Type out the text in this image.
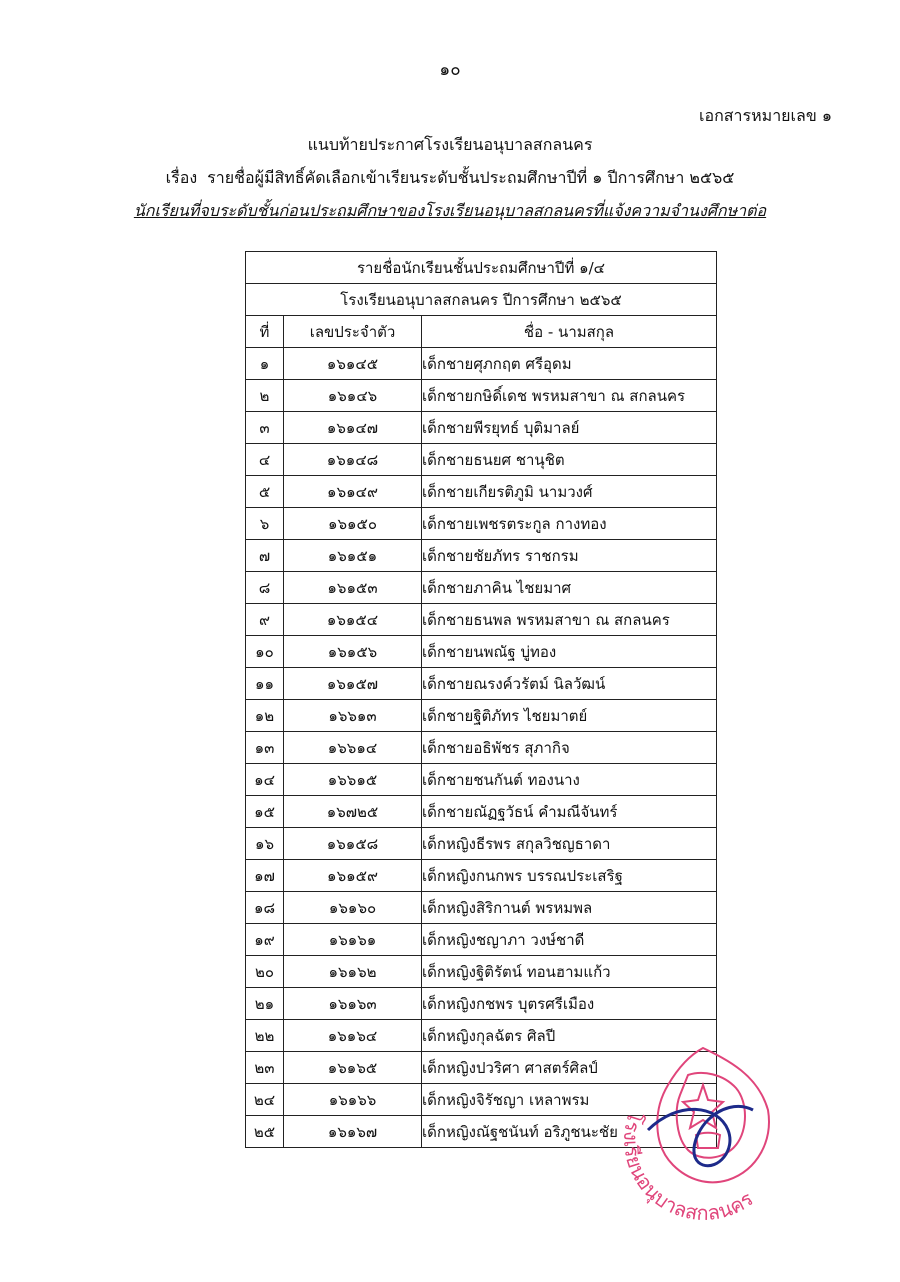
๑๐
เอกสารหมายเลข ๑
แนบท้ายประกาศโรงเรียนอนุบาลสกลนคร
เรื่อง รายชื่อผู้มีสิทธิ์คัดเลือกเข้าเรียนระดับชั้นประถมศึกษาปีที่ ๑ ปีการศึกษา ๒๕๖๕
นักเรียนที่จบระดับชั้นก่อนประถมศึกษาของโรงเรียนอนุบาลสกลนครที่แจ้งความจำนงศึกษาต่อ
รายชื่อนักเรียนชั้นประถมศึกษาปีที่ ๑/๔		
โรงเรียนอนุบาลสกลนคร ปีการศึกษา ๒๕๖๕		
ที่	เลขประจำตัว	ชื่อ - นามสกุล
๑	๑๖๑๔๕	เด็กชายศุภกฤต ศรีอุดม
๒	๑๖๑๔๖	เด็กชายกษิดิ์เดช พรหมสาขา ณ สกลนคร
๓	๑๖๑๔๗	เด็กชายพีรยุทธ์ บุติมาลย์
๔	๑๖๑๔๘	เด็กชายธนยศ ชานุชิต
๕	๑๖๑๔๙	เด็กชายเกียรติภูมิ นามวงศ์
๖	๑๖๑๕๐	เด็กชายเพชรตระกูล กางทอง
๗	๑๖๑๕๑	เด็กชายชัยภัทร ราชกรม
๘	๑๖๑๕๓	เด็กชายภาคิน ไชยมาศ
๙	๑๖๑๕๔	เด็กชายธนพล พรหมสาขา ณ สกลนคร
๑๐	๑๖๑๕๖	เด็กชายนพณัฐ บู่ทอง
๑๑	๑๖๑๕๗	เด็กชายณรงค์วรัตม์ นิลวัฒน์
๑๒	๑๖๖๑๓	เด็กชายฐิติภัทร ไชยมาตย์
๑๓	๑๖๖๑๔	เด็กชายอธิพัชร สุภากิจ
๑๔	๑๖๖๑๕	เด็กชายชนกันต์ ทองนาง
๑๕	๑๖๗๒๕	เด็กชายณัฏฐวัธน์ คำมณีจันทร์
๑๖	๑๖๑๕๘	เด็กหญิงธีรพร สกุลวิชญธาดา
๑๗	๑๖๑๕๙	เด็กหญิงกนกพร บรรณประเสริฐ
๑๘	๑๖๑๖๐	เด็กหญิงสิริกานต์ พรหมพล
๑๙	๑๖๑๖๑	เด็กหญิงชญาภา วงษ์ชาดี
๒๐	๑๖๑๖๒	เด็กหญิงฐิติรัตน์ ทอนฮามแก้ว
๒๑	๑๖๑๖๓	เด็กหญิงกชพร บุตรศรีเมือง
๒๒	๑๖๑๖๔	เด็กหญิงกุลฉัตร ศิลปี
๒๓	๑๖๑๖๕	เด็กหญิงปวริศา ศาสตร์ศิลป์
๒๔	๑๖๑๖๖	เด็กหญิงจิรัชญา เหลาพรม
๒๕	๑๖๑๖๗	เด็กหญิงณัฐชนันท์ อริภูชนะชัย
โรงเรียนอนุบาลสกลนคร
